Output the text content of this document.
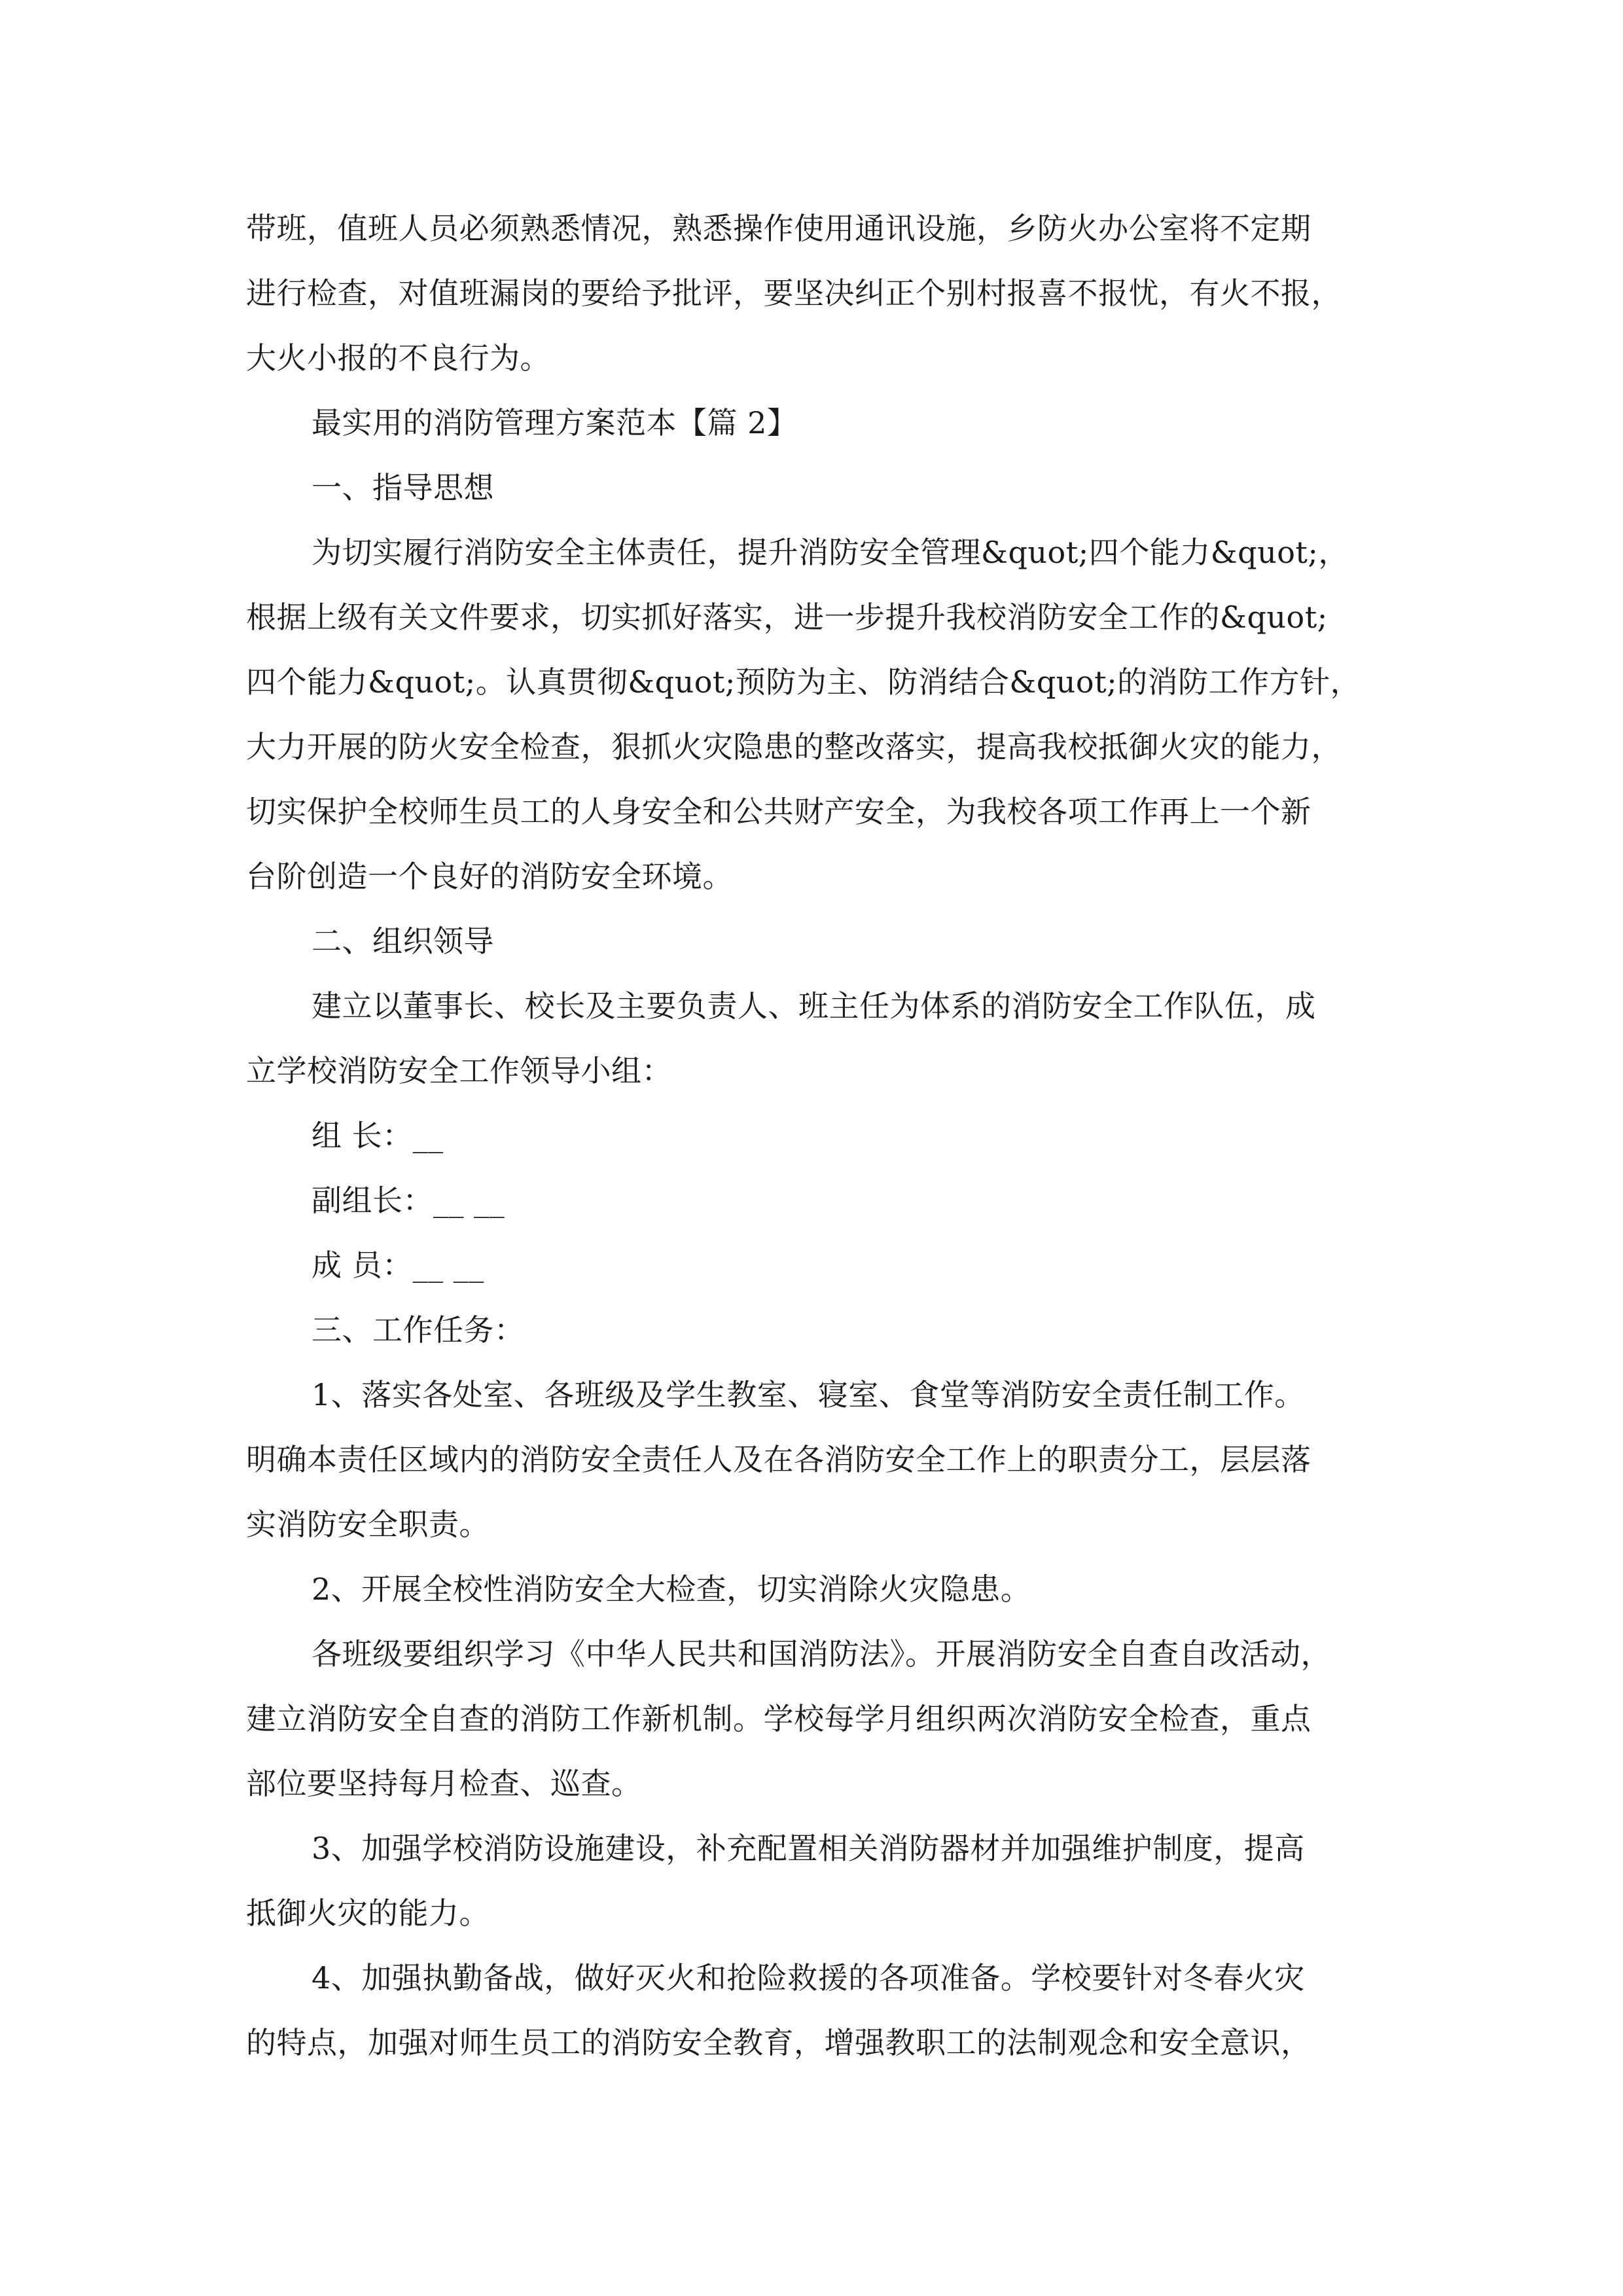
带班，值班人员必须熟悉情况，熟悉操作使用通讯设施，乡防火办公室将不定期
进行检查，对值班漏岗的要给予批评，要坚决纠正个别村报喜不报忧，有火不报，
大火小报的不良行为。
最实用的消防管理方案范本【篇 2】
一、指导思想
为切实履行消防安全主体责任，提升消防安全管理&quot;四个能力&quot;，
根据上级有关文件要求，切实抓好落实，进一步提升我校消防安全工作的&quot;
四个能力&quot;。认真贯彻&quot;预防为主、防消结合&quot;的消防工作方针，
大力开展的防火安全检查，狠抓火灾隐患的整改落实，提高我校抵御火灾的能力，
切实保护全校师生员工的人身安全和公共财产安全，为我校各项工作再上一个新
台阶创造一个良好的消防安全环境。
二、组织领导
建立以董事长、校长及主要负责人、班主任为体系的消防安全工作队伍，成
立学校消防安全工作领导小组：
组 长：__
副组长：__ __
成 员：__ __
三、工作任务：
1、落实各处室、各班级及学生教室、寝室、食堂等消防安全责任制工作。
明确本责任区域内的消防安全责任人及在各消防安全工作上的职责分工，层层落
实消防安全职责。
2、开展全校性消防安全大检查，切实消除火灾隐患。
各班级要组织学习《中华人民共和国消防法》。开展消防安全自查自改活动，
建立消防安全自查的消防工作新机制。学校每学月组织两次消防安全检查，重点
部位要坚持每月检查、巡查。
3、加强学校消防设施建设，补充配置相关消防器材并加强维护制度，提高
抵御火灾的能力。
4、加强执勤备战，做好灭火和抢险救援的各项准备。学校要针对冬春火灾
的特点，加强对师生员工的消防安全教育，增强教职工的法制观念和安全意识，
